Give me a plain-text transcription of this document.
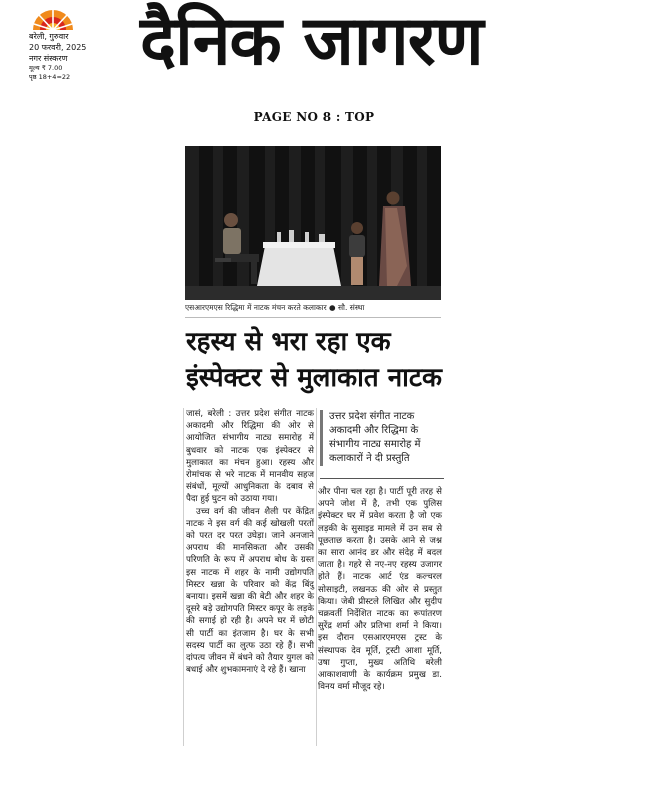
बरेली, गुरुवार
20 फरवरी, 2025
नगर संस्करण
मूल्य ₹ 7.00
पृष्ठ 18+4=22	दैनिक जागरण
PAGE NO 8 : TOP
एसआरएमएस रिद्धिमा में नाटक मंचन करते कलाकार ● सौ. संस्था
रहस्य से भरा रहा एक इंस्पेक्टर से मुलाकात नाटक

जासं, बरेली : उत्तर प्रदेश संगीत नाटक अकादमी और रिद्धिमा की ओर से आयोजित संभागीय नाट्य समारोह में बुधवार को नाटक एक इंस्पेक्टर से मुलाकात का मंचन हुआ। रहस्य और रोमांचक से भरे नाटक में मानवीय सहज संबंधों, मूल्यों आधुनिकता के दबाव से पैदा हुई घुटन को उठाया गया।

उच्च वर्ग की जीवन शैली पर केंद्रित नाटक ने इस वर्ग की कई खोखली परतों को परत दर परत उघेड़ा। जाने अनजाने अपराध की मानसिकता और उसकी परिणति के रूप में अपराध बोध के ग्रस्त इस नाटक में शहर के नामी उद्योगपति मिस्टर खन्ना के परिवार को केंद्र बिंदु बनाया। इसमें खन्ना की बेटी और शहर के दूसरे बड़े उद्योगपति मिस्टर कपूर के लड़के की सगाई हो रही है। अपने घर में छोटी सी पार्टी का इंतजाम है। घर के सभी सदस्य पार्टी का लुत्फ उठा रहे हैं। सभी दांपत्य जीवन में बंधने को तैयार युगल को बधाई और शुभकामनाएं दे रहे हैं। खाना

उत्तर प्रदेश संगीत नाटक अकादमी और रिद्धिमा के संभागीय नाट्य समारोह में कलाकारों ने दी प्रस्तुति

और पीना चल रहा है। पार्टी पूरी तरह से अपने जोश में है, तभी एक पुलिस इंस्पेक्टर घर में प्रवेश करता है जो एक लड़की के सुसाइड मामले में उन सब से पूछताछ करता है। उसके आने से जश्न का सारा आनंद डर और संदेह में बदल जाता है। गहरे से नए-नए रहस्य उजागर होते हैं। नाटक आर्ट एंड कल्चरल सोसाइटी, लखनऊ की ओर से प्रस्तुत किया। जेबी प्रीस्टले लिखित और सुदीप चक्रवर्ती निर्देशित नाटक का रूपांतरण सुरेंद्र शर्मा और प्रतिभा शर्मा ने किया। इस दौरान एसआरएमएस ट्रस्ट के संस्थापक देव मूर्ति, ट्रस्टी आशा मूर्ति, उषा गुप्ता, मुख्य अतिथि बरेली आकाशवाणी के कार्यक्रम प्रमुख डा. विनय वर्मा मौजूद रहे।
